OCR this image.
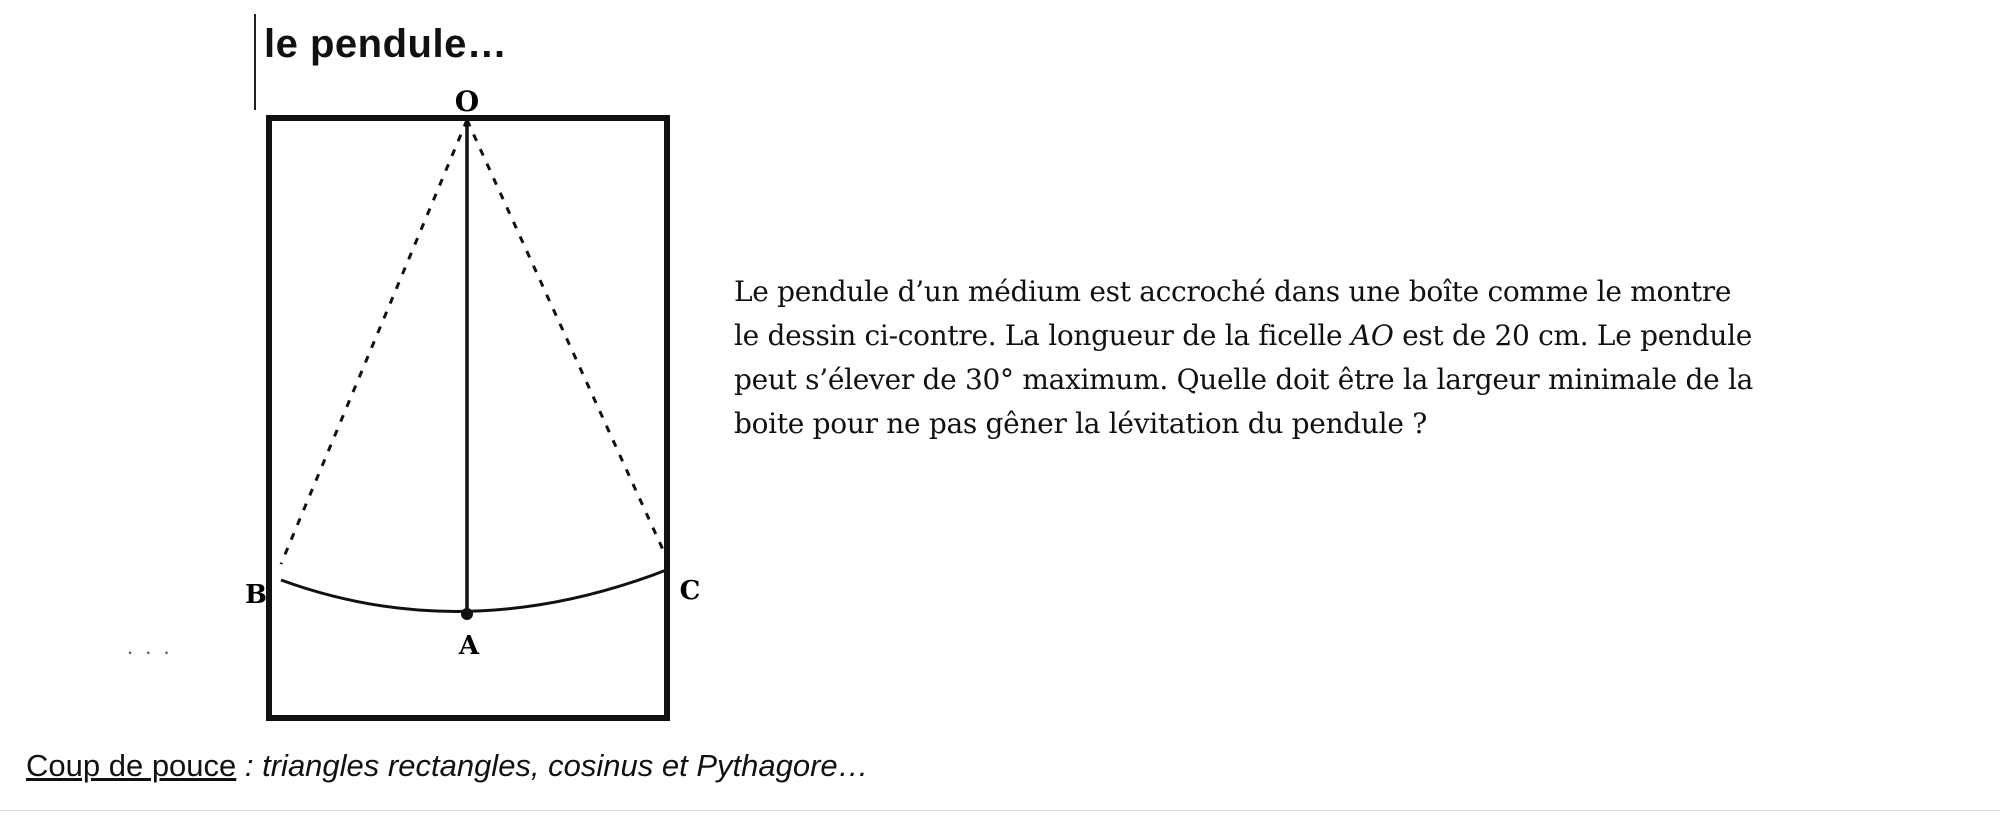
le pendule…
O
A
B	C
Le pendule d’un médium est accroché dans une boîte comme le montre
le dessin ci-contre. La longueur de la ficelle AO est de 20 cm. Le pendule
peut s’élever de 30° maximum. Quelle doit être la largeur minimale de la
boite pour ne pas gêner la lévitation du pendule ?
. . .
Coup de pouce : triangles rectangles, cosinus et Pythagore…
